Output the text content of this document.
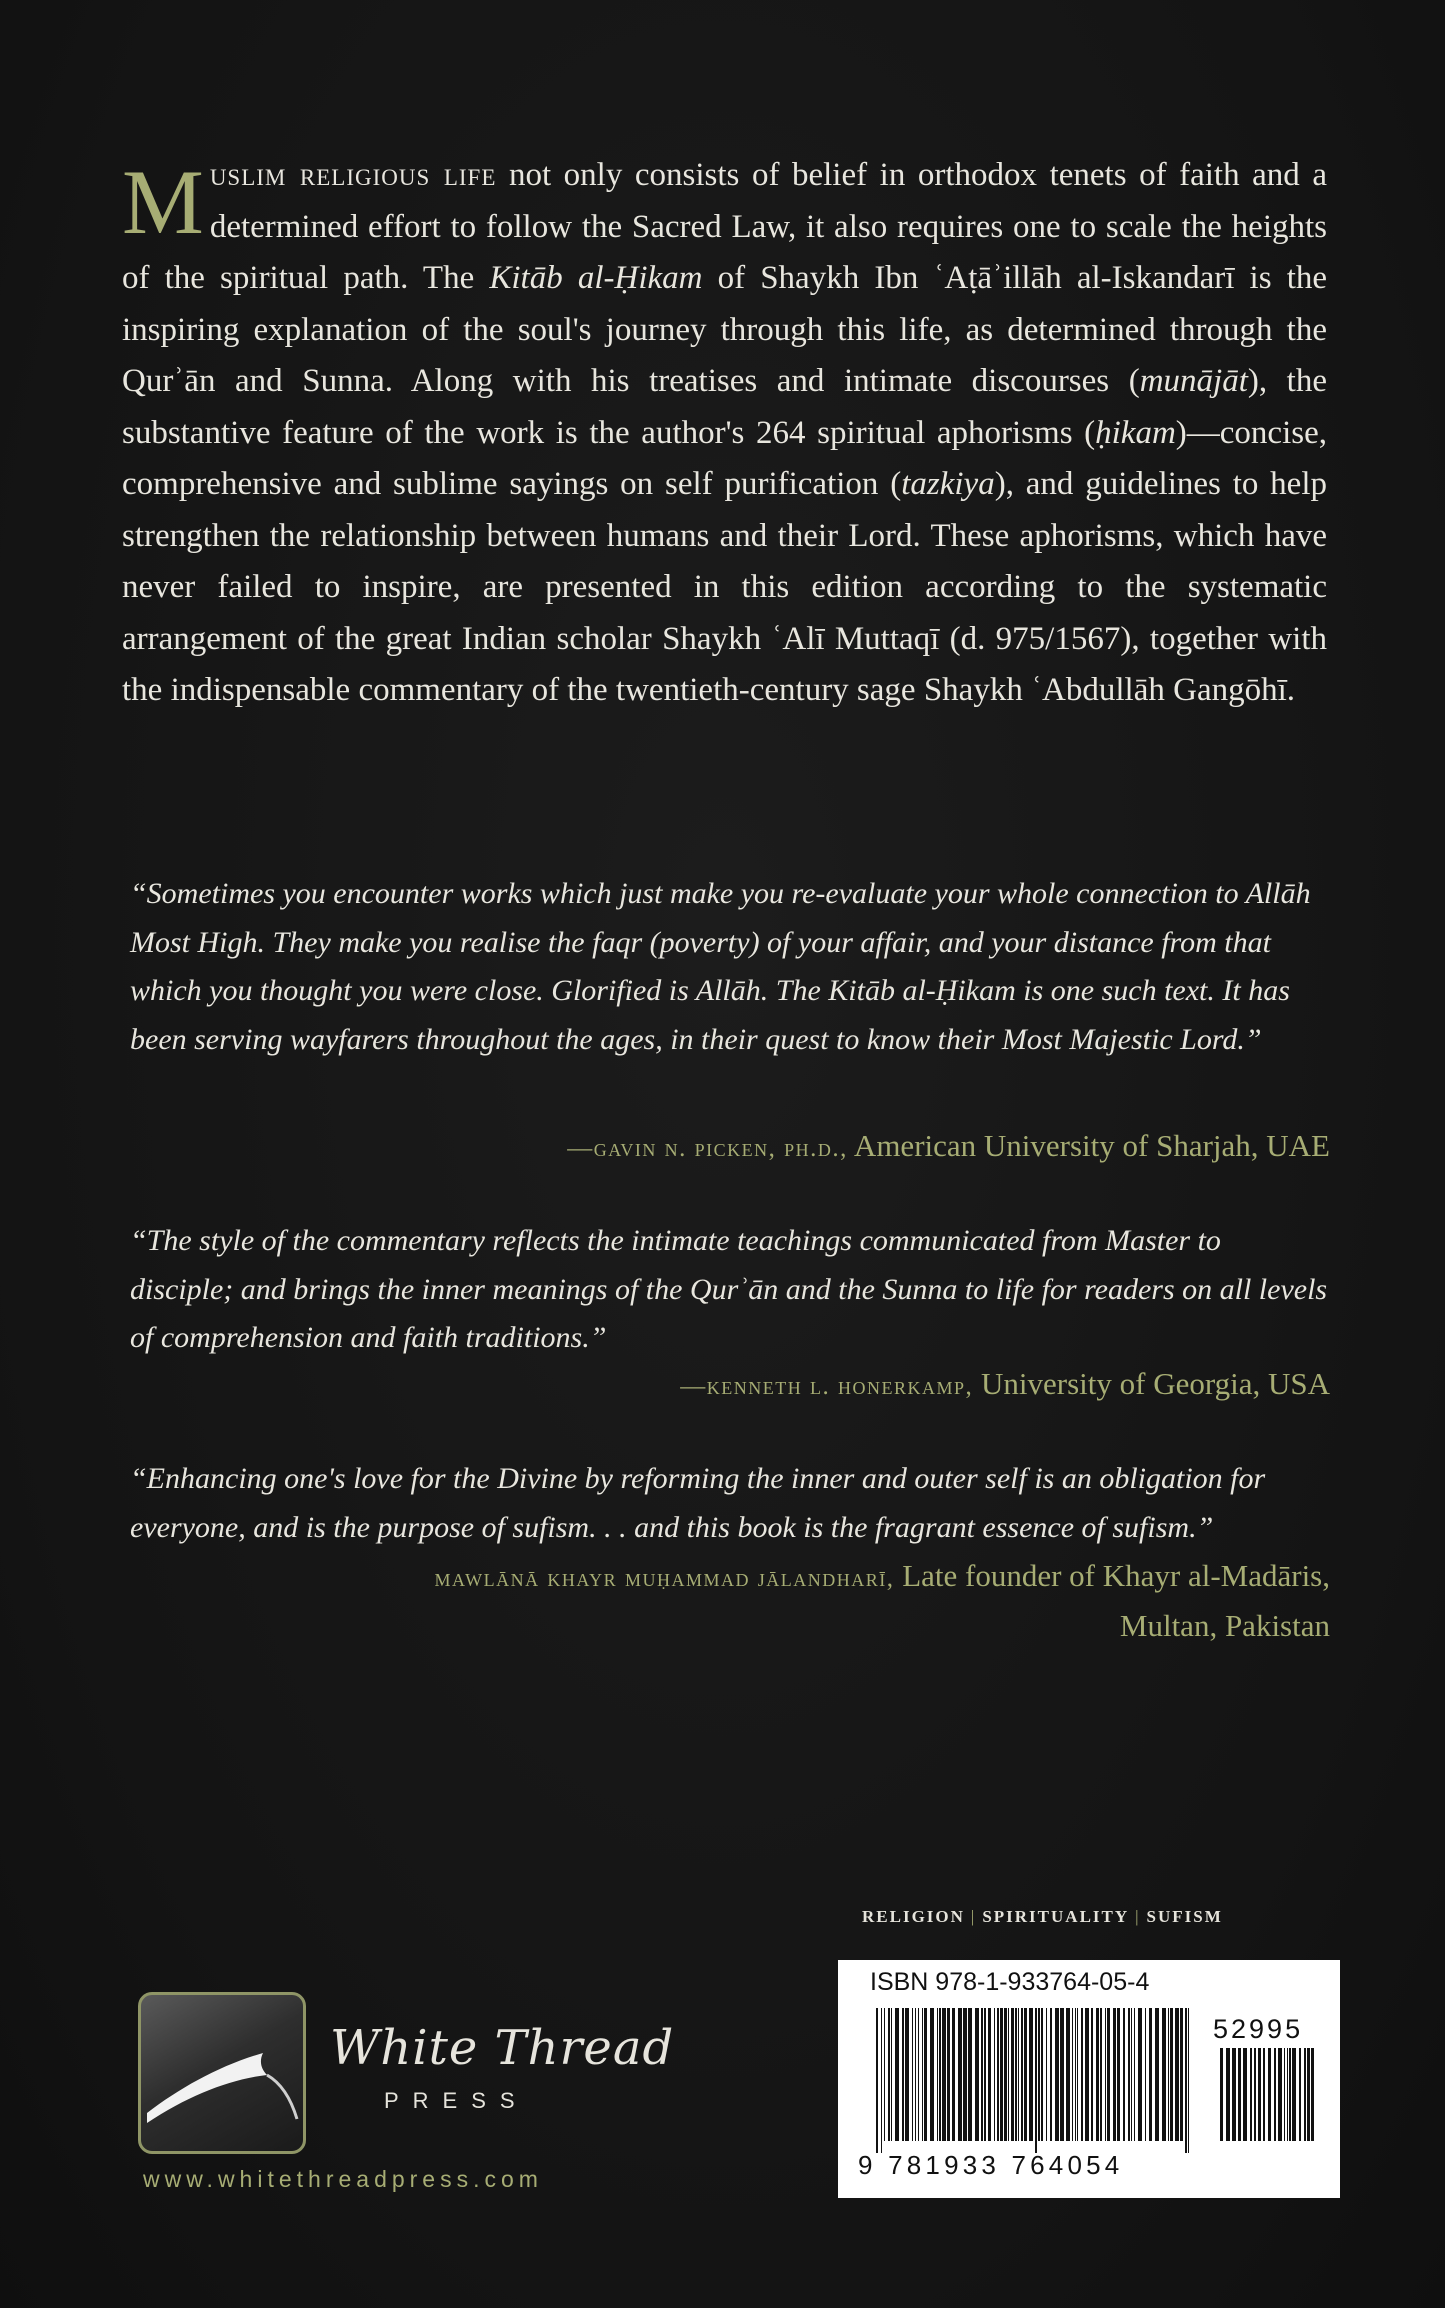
Muslim religious life not only consists of belief in orthodox tenets of faith and a determined effort to follow the Sacred Law, it also requires one to scale the heights of the spiritual path. The Kitāb al-Ḥikam of Shaykh Ibn ʿAṭāʾillāh al-Iskandarī is the inspiring explanation of the soul's journey through this life, as determined through the Qurʾān and Sunna. Along with his treatises and intimate discourses (munājāt), the substantive feature of the work is the author's 264 spiritual aphorisms (ḥikam)—concise, comprehensive and sublime sayings on self purification (tazkiya), and guidelines to help strengthen the relationship between humans and their Lord. These aphorisms, which have never failed to inspire, are presented in this edition according to the systematic arrangement of the great Indian scholar Shaykh ʿAlī Muttaqī (d. 975/1567), together with the indispensable commentary of the twentieth-century sage Shaykh ʿAbdullāh Gangōhī.

“Sometimes you encounter works which just make you re-evaluate your whole connection to Allāh Most High. They make you realise the faqr (poverty) of your affair, and your distance from that which you thought you were close. Glorified is Allāh. The Kitāb al-Ḥikam is one such text. It has been serving wayfarers throughout the ages, in their quest to know their Most Majestic Lord.”

—gavin n. picken, ph.d., American University of Sharjah, UAE

“The style of the commentary reflects the intimate teachings communicated from Master to disciple; and brings the inner meanings of the Qurʾān and the Sunna to life for readers on all levels of comprehension and faith traditions.”

—kenneth l. honerkamp, University of Georgia, USA

“Enhancing one's love for the Divine by reforming the inner and outer self is an obligation for everyone, and is the purpose of sufism. . . and this book is the fragrant essence of sufism.”

mawlānā khayr muḥammad jālandharī, Late founder of Khayr al-Madāris, Multan, Pakistan

RELIGION | SPIRITUALITY | SUFISM
ISBN 978-1-933764-05-4
52995
9 781933 764054
White Thread
PRESS
www.whitethreadpress.com
